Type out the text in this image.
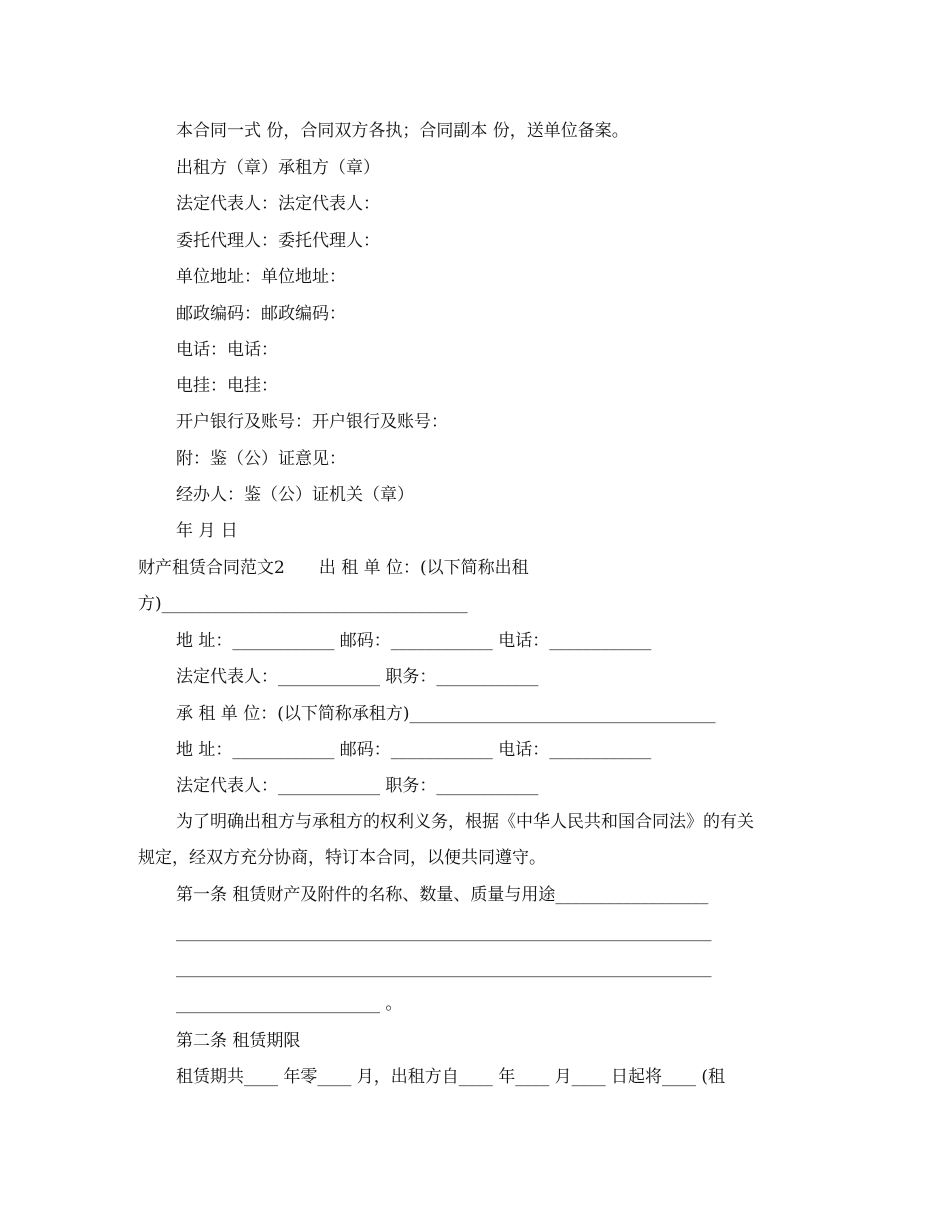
本合同一式 份，合同双方各执；合同副本 份，送单位备案。
出租方（章）承租方（章）
法定代表人：法定代表人：
委托代理人：委托代理人：
单位地址：单位地址：
邮政编码：邮政编码：
电话：电话：
电挂：电挂：
开户银行及账号：开户银行及账号：
附：鉴（公）证意见：
经办人：鉴（公）证机关（章）
年 月 日
财产租赁合同范文2　　出 租 单 位：(以下简称出租
方)____________________________________
地 址：____________ 邮码：____________ 电话：____________
法定代表人：____________ 职务：____________
承 租 单 位：(以下简称承租方)____________________________________
地 址：____________ 邮码：____________ 电话：____________
法定代表人：____________ 职务：____________
为了明确出租方与承租方的权利义务，根据《中华人民共和国合同法》的有关
规定，经双方充分协商，特订本合同，以便共同遵守。
第一条 租赁财产及附件的名称、数量、质量与用途__________________
_______________________________________________________________
_______________________________________________________________
________________________ 。
第二条 租赁期限
租赁期共____ 年零____ 月，出租方自____ 年____ 月____ 日起将____ (租
